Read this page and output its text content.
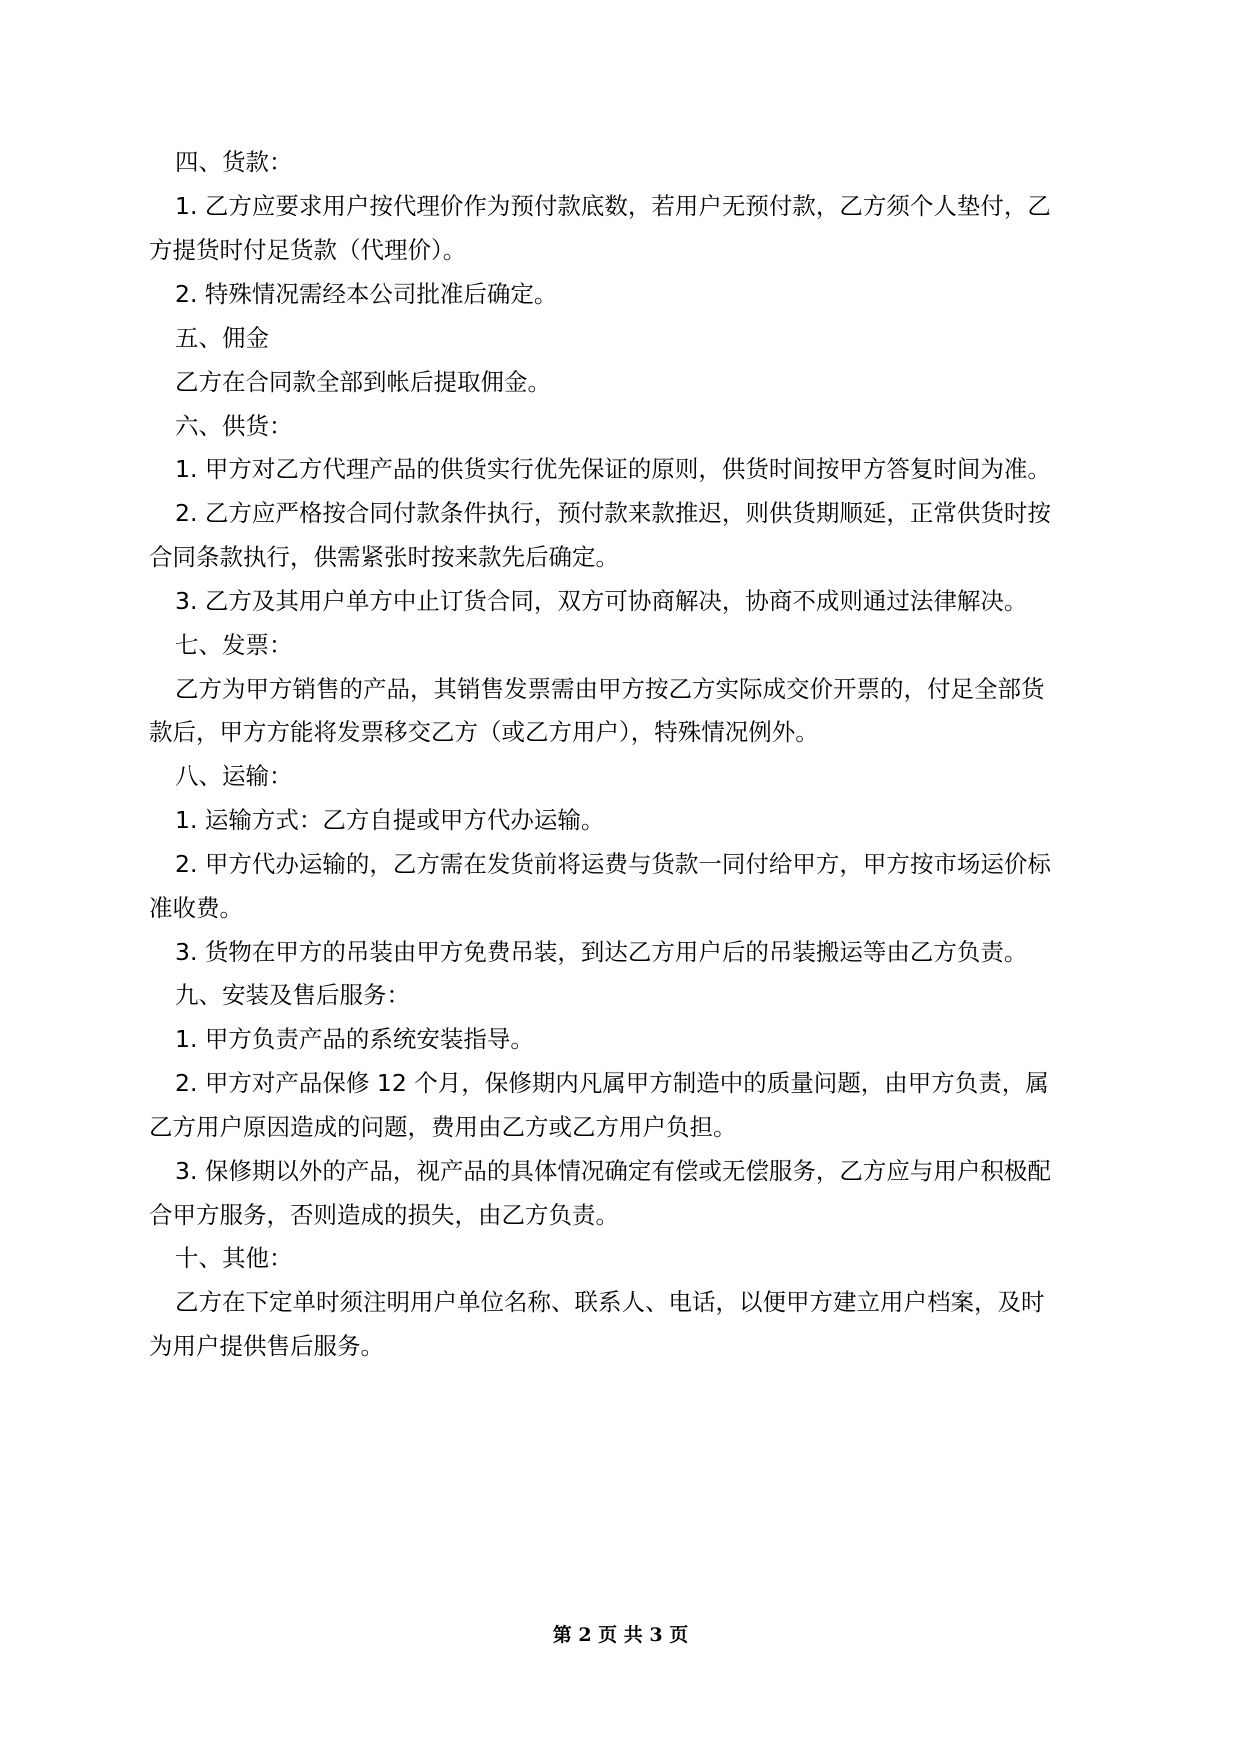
四、货款：
1. 乙方应要求用户按代理价作为预付款底数，若用户无预付款，乙方须个人垫付，乙
方提货时付足货款（代理价）。
2. 特殊情况需经本公司批准后确定。
五、佣金
乙方在合同款全部到帐后提取佣金。
六、供货：
1. 甲方对乙方代理产品的供货实行优先保证的原则，供货时间按甲方答复时间为准。
2. 乙方应严格按合同付款条件执行，预付款来款推迟，则供货期顺延，正常供货时按
合同条款执行，供需紧张时按来款先后确定。
3. 乙方及其用户单方中止订货合同，双方可协商解决，协商不成则通过法律解决。
七、发票：
乙方为甲方销售的产品，其销售发票需由甲方按乙方实际成交价开票的，付足全部货
款后，甲方方能将发票移交乙方（或乙方用户），特殊情况例外。
八、运输：
1. 运输方式：乙方自提或甲方代办运输。
2. 甲方代办运输的，乙方需在发货前将运费与货款一同付给甲方，甲方按市场运价标
准收费。
3. 货物在甲方的吊装由甲方免费吊装，到达乙方用户后的吊装搬运等由乙方负责。
九、安装及售后服务：
1. 甲方负责产品的系统安装指导。
2. 甲方对产品保修 12 个月，保修期内凡属甲方制造中的质量问题，由甲方负责，属
乙方用户原因造成的问题，费用由乙方或乙方用户负担。
3. 保修期以外的产品，视产品的具体情况确定有偿或无偿服务，乙方应与用户积极配
合甲方服务，否则造成的损失，由乙方负责。
十、其他：
乙方在下定单时须注明用户单位名称、联系人、电话，以便甲方建立用户档案，及时
为用户提供售后服务。
第 2 页 共 3 页
